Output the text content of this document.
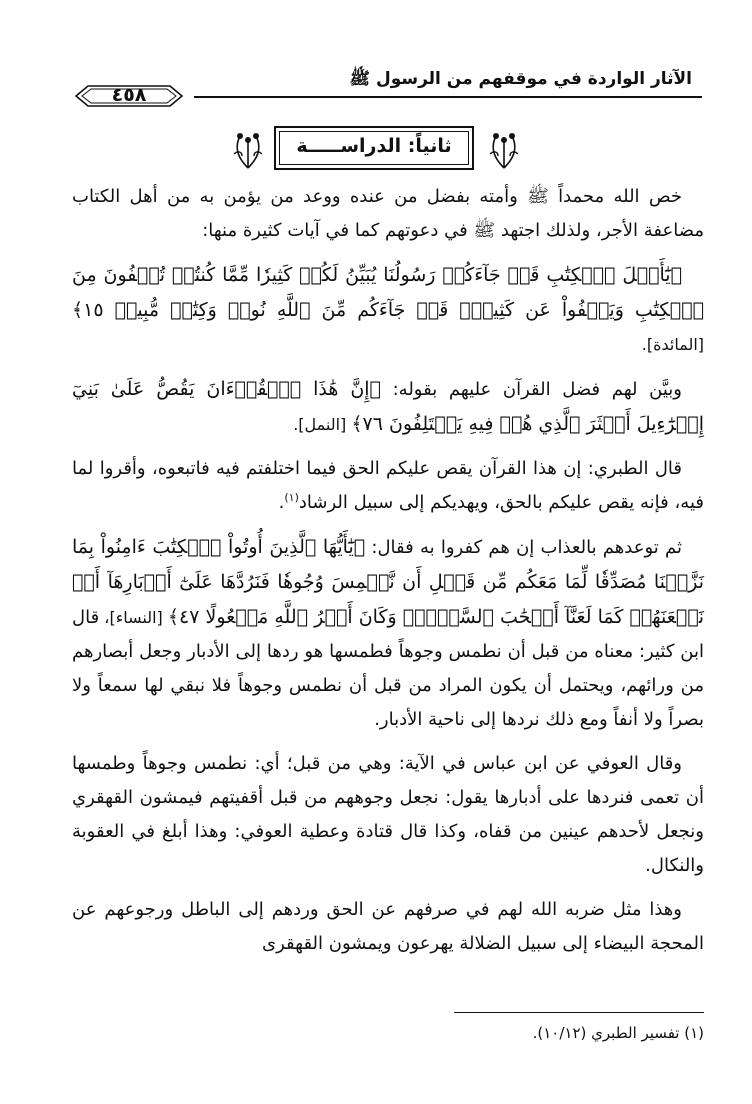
الآثار الواردة في موقفهم من الرسول ﷺ
٤٥٨
ثانياً: الدراســـــة

خص الله محمداً ﷺ وأمته بفضل من عنده ووعد من يؤمن به من أهل الكتاب مضاعفة الأجر، ولذلك اجتهد ﷺ في دعوتهم كما في آيات كثيرة منها:

﴿يَٰٓأَهۡلَ ٱلۡكِتَٰبِ قَدۡ جَآءَكُمۡ رَسُولُنَا يُبَيِّنُ لَكُمۡ كَثِيرٗا مِّمَّا كُنتُمۡ تُخۡفُونَ مِنَ ٱلۡكِتَٰبِ وَيَعۡفُواْ عَن كَثِيرٖۚ قَدۡ جَآءَكُم مِّنَ ٱللَّهِ نُورٞ وَكِتَٰبٞ مُّبِينٞ ١٥﴾ [المائدة].

وبيَّن لهم فضل القرآن عليهم بقوله: ﴿إِنَّ هَٰذَا ٱلۡقُرۡءَانَ يَقُصُّ عَلَىٰ بَنِيٓ إِسۡرَٰٓءِيلَ أَكۡثَرَ ٱلَّذِي هُمۡ فِيهِ يَخۡتَلِفُونَ ٧٦﴾ [النمل].

قال الطبري: إن هذا القرآن يقص عليكم الحق فيما اختلفتم فيه فاتبعوه، وأقروا لما فيه، فإنه يقص عليكم بالحق، ويهديكم إلى سبيل الرشاد$^{(١)}$.

ثم توعدهم بالعذاب إن هم كفروا به فقال: ﴿يَٰٓأَيُّهَا ٱلَّذِينَ أُوتُواْ ٱلۡكِتَٰبَ ءَامِنُواْ بِمَا نَزَّلۡنَا مُصَدِّقٗا لِّمَا مَعَكُم مِّن قَبۡلِ أَن نَّطۡمِسَ وُجُوهٗا فَنَرُدَّهَا عَلَىٰٓ أَدۡبَارِهَآ أَوۡ نَلۡعَنَهُمۡ كَمَا لَعَنَّآ أَصۡحَٰبَ ٱلسَّبۡتِۚ وَكَانَ أَمۡرُ ٱللَّهِ مَفۡعُولًا ٤٧﴾ [النساء]، قال ابن كثير: معناه من قبل أن نطمس وجوهاً فطمسها هو ردها إلى الأدبار وجعل أبصارهم من ورائهم، ويحتمل أن يكون المراد من قبل أن نطمس وجوهاً فلا نبقي لها سمعاً ولا بصراً ولا أنفاً ومع ذلك نردها إلى ناحية الأدبار.

وقال العوفي عن ابن عباس في الآية: وهي من قبل؛ أي: نطمس وجوهاً وطمسها أن تعمى فنردها على أدبارها يقول: نجعل وجوههم من قبل أقفيتهم فيمشون القهقري ونجعل لأحدهم عينين من قفاه، وكذا قال قتادة وعطية العوفي: وهذا أبلغ في العقوبة والنكال.

وهذا مثل ضربه الله لهم في صرفهم عن الحق وردهم إلى الباطل ورجوعهم عن المحجة البيضاء إلى سبيل الضلالة يهرعون ويمشون القهقرى

(١) تفسير الطبري (١٠/١٢).
